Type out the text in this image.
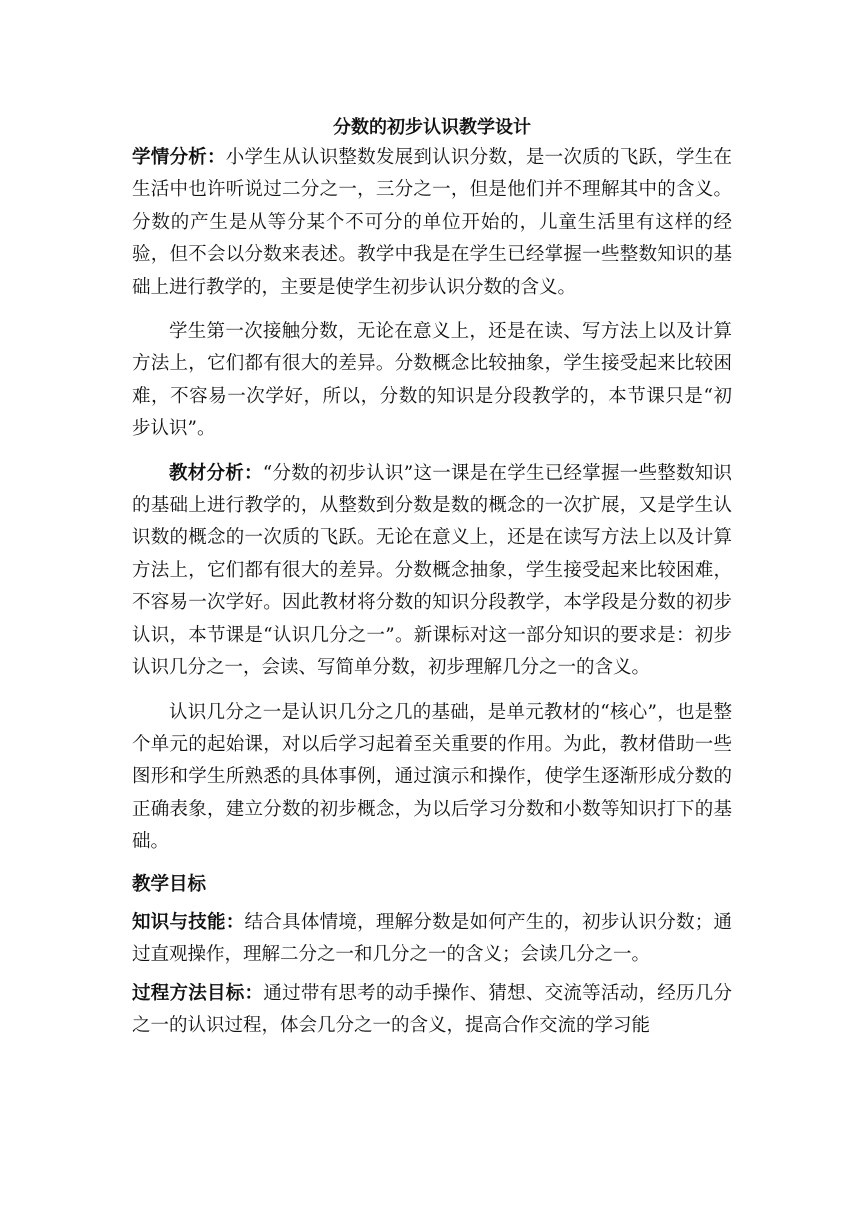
分数的初步认识教学设计

学情分析：小学生从认识整数发展到认识分数，是一次质的飞跃，学生在生活中也许听说过二分之一，三分之一，但是他们并不理解其中的含义。分数的产生是从等分某个不可分的单位开始的，儿童生活里有这样的经验，但不会以分数来表述。教学中我是在学生已经掌握一些整数知识的基础上进行教学的，主要是使学生初步认识分数的含义。

学生第一次接触分数，无论在意义上，还是在读、写方法上以及计算方法上，它们都有很大的差异。分数概念比较抽象，学生接受起来比较困难，不容易一次学好，所以，分数的知识是分段教学的，本节课只是“初步认识”。

教材分析：“分数的初步认识”这一课是在学生已经掌握一些整数知识的基础上进行教学的，从整数到分数是数的概念的一次扩展，又是学生认识数的概念的一次质的飞跃。无论在意义上，还是在读写方法上以及计算方法上，它们都有很大的差异。分数概念抽象，学生接受起来比较困难，不容易一次学好。因此教材将分数的知识分段教学，本学段是分数的初步认识，本节课是“认识几分之一”。新课标对这一部分知识的要求是：初步认识几分之一，会读、写简单分数，初步理解几分之一的含义。

认识几分之一是认识几分之几的基础，是单元教材的“核心”，也是整个单元的起始课，对以后学习起着至关重要的作用。为此，教材借助一些图形和学生所熟悉的具体事例，通过演示和操作，使学生逐渐形成分数的正确表象，建立分数的初步概念，为以后学习分数和小数等知识打下的基础。

教学目标

知识与技能：结合具体情境，理解分数是如何产生的，初步认识分数；通过直观操作，理解二分之一和几分之一的含义；会读几分之一。

过程方法目标：通过带有思考的动手操作、猜想、交流等活动，经历几分之一的认识过程，体会几分之一的含义，提高合作交流的学习能
